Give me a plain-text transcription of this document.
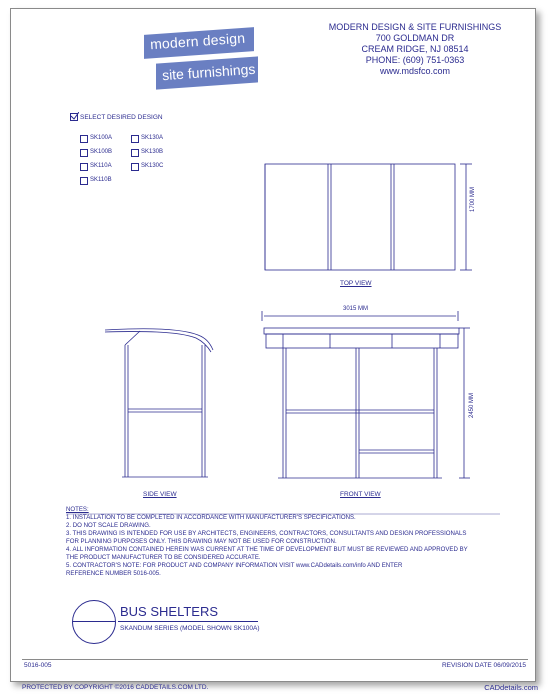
modern design
site furnishings
MODERN DESIGN & SITE FURNISHINGS
700 GOLDMAN DR
CREAM RIDGE, NJ 08514
PHONE: (609) 751-0363
www.mdsfco.com
SELECT DESIRED DESIGN
SK100A
SK100B
SK110A
SK110B
SK130A
SK130B
SK130C
1700 MM
TOP VIEW
3015 MM
2450 MM
SIDE VIEW	FRONT VIEW
NOTES:
1. INSTALLATION TO BE COMPLETED IN ACCORDANCE WITH MANUFACTURER'S SPECIFICATIONS.
2. DO NOT SCALE DRAWING.
3. THIS DRAWING IS INTENDED FOR USE BY ARCHITECTS, ENGINEERS, CONTRACTORS, CONSULTANTS AND DESIGN PROFESSIONALS
FOR PLANNING PURPOSES ONLY. THIS DRAWING MAY NOT BE USED FOR CONSTRUCTION.
4. ALL INFORMATION CONTAINED HEREIN WAS CURRENT AT THE TIME OF DEVELOPMENT BUT MUST BE REVIEWED AND APPROVED BY
THE PRODUCT MANUFACTURER TO BE CONSIDERED ACCURATE.
5. CONTRACTOR'S NOTE: FOR PRODUCT AND COMPANY INFORMATION VISIT www.CADdetails.com/info AND ENTER
REFERENCE NUMBER 5016-005.
BUS SHELTERS
SKANDUM SERIES (MODEL SHOWN SK100A)
5016-005	REVISION DATE 06/09/2015
PROTECTED BY COPYRIGHT ©2016 CADDETAILS.COM LTD.	CADdetails.com
